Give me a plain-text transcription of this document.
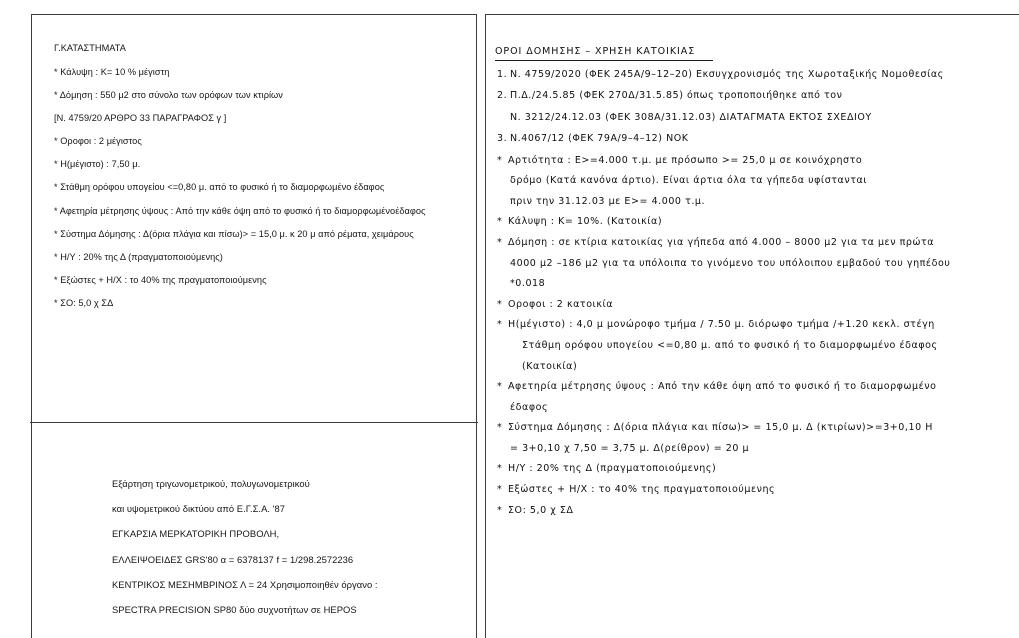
Γ.ΚΑΤΑΣΤΗΜΑΤΑ
* Κάλυψη : Κ= 10 % μέγιστη
* Δόμηση : 550 μ2 στο σύνολο των ορόφων των κτιρίων
[Ν. 4759/20 ΑΡΘΡΟ 33 ΠΑΡΑΓΡΑΦΟΣ γ ]
* Οροφοι : 2 μέγιστος
* Η(μέγιστο) : 7,50 μ.
* Στάθμη ορόφου υπογείου <=0,80 μ. από το φυσικό ή το διαμορφωμένο έδαφος
* Αφετηρία μέτρησης ύψους : Από την κάθε όψη από το φυσικό ή το διαμορφωμένοέδαφος
* Σύστημα Δόμησης : Δ(όρια πλάγια και πίσω)> = 15,0 μ. κ 20 μ από ρέματα, χειμάρους
* Η/Υ : 20% της Δ (πραγματοποιούμενης)
* Εξώστες + Η/Χ : το 40% της πραγματοποιούμενης
* ΣΟ: 5,0 χ ΣΔ
Εξάρτηση τριγωνομετρικού, πολυγωνομετρικού
και υψομετρικού δικτύου από Ε.Γ.Σ.Α. '87
ΕΓΚΑΡΣΙΑ ΜΕΡΚΑΤΟΡΙΚΗ ΠΡΟΒΟΛΗ,
ΕΛΛΕΙΨΟΕΙΔΕΣ GRS'80 α = 6378137 f = 1/298.2572236
ΚΕΝΤΡΙΚΟΣ ΜΕΣΗΜΒΡΙΝΟΣ Λ = 24 Χρησιμοποιηθέν όργανο :
SPECTRA PRECISION SP80 δύο συχνοτήτων σε HEPOS
ΟΡΟΙ ΔΟΜΗΣΗΣ – ΧΡΗΣΗ ΚΑΤΟΙΚΙΑΣ
1. Ν. 4759/2020 (ΦΕΚ 245Α/9–12–20) Εκσυγχρονισμός της Χωροταξικής Νομοθεσίας
2. Π.Δ./24.5.85 (ΦΕΚ 270Δ/31.5.85) όπως τροποποιήθηκε από τον
Ν. 3212/24.12.03 (ΦΕΚ 308Α/31.12.03) ΔΙΑΤΑΓΜΑΤΑ ΕΚΤΟΣ ΣΧΕΔΙΟΥ
3. Ν.4067/12 (ΦΕΚ 79Α/9–4–12) ΝΟΚ
* Αρτιότητα : Ε>=4.000 τ.μ. με πρόσωπο >= 25,0 μ σε κοινόχρηστο
δρόμο (Κατά κανόνα άρτιο). Είναι άρτια όλα τα γήπεδα υφίστανται
πριν την 31.12.03 με Ε>= 4.000 τ.μ.
* Κάλυψη : Κ= 10%. (Κατοικία)
* Δόμηση : σε κτίρια κατοικίας για γήπεδα από 4.000 – 8000 μ2 για τα μεν πρώτα
4000 μ2 –186 μ2 για τα υπόλοιπα το γινόμενο του υπόλοιπου εμβαδού του γηπέδου
*0.018
* Οροφοι : 2 κατοικία
* Η(μέγιστο) : 4,0 μ μονώροφο τμήμα / 7.50 μ. διόρωφο τμήμα /+1.20 κεκλ. στέγη
Στάθμη ορόφου υπογείου <=0,80 μ. από το φυσικό ή το διαμορφωμένο έδαφος
(Κατοικία)
* Αφετηρία μέτρησης ύψους : Από την κάθε όψη από το φυσικό ή το διαμορφωμένο
έδαφος
* Σύστημα Δόμησης : Δ(όρια πλάγια και πίσω)> = 15,0 μ. Δ (κτιρίων)>=3+0,10 Η
= 3+0,10 χ 7,50 = 3,75 μ. Δ(ρείθρον) = 20 μ
* Η/Υ : 20% της Δ (πραγματοποιούμενης)
* Εξώστες + Η/Χ : το 40% της πραγματοποιούμενης
* ΣΟ: 5,0 χ ΣΔ
